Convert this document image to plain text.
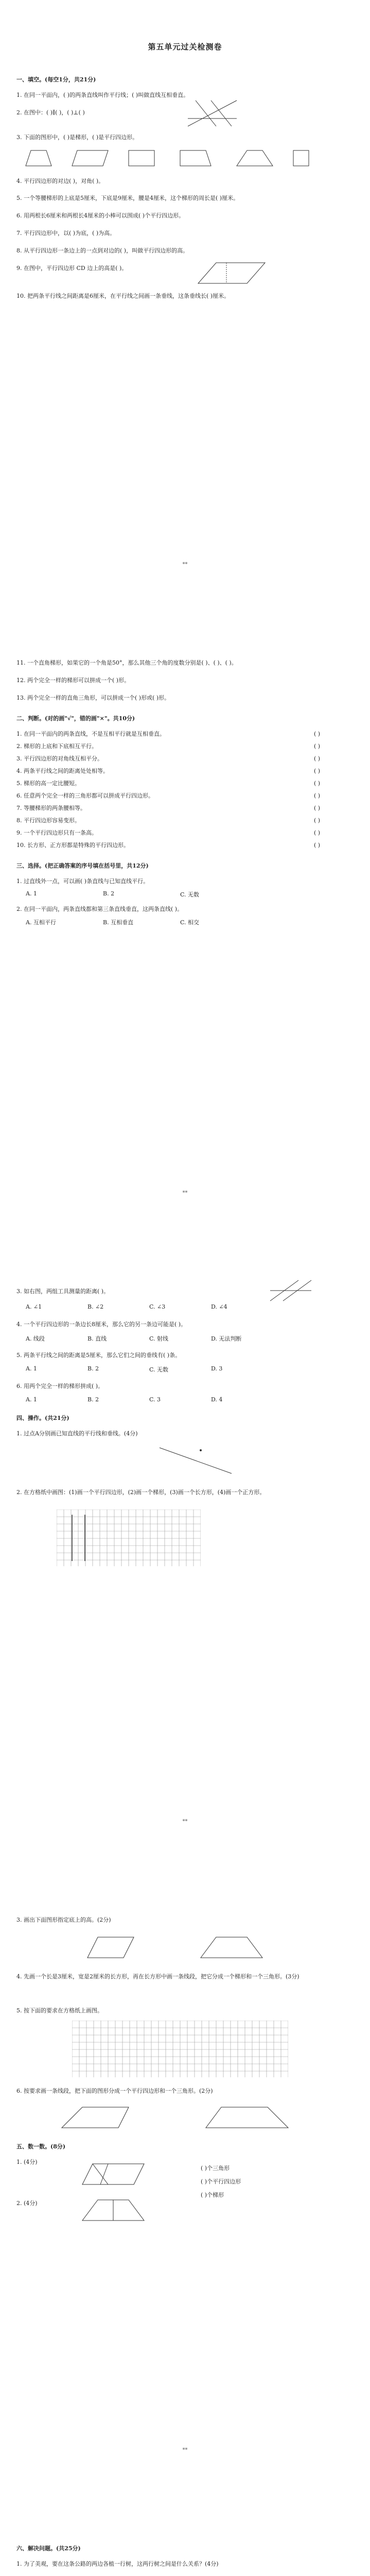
第五单元过关检测卷
一、填空。(每空1分，共21分)
1. 在同一平面内，( )的两条直线叫作平行线；( )叫做直线互相垂直。
2. 在图中：( )∥( )，( )⊥( )
3. 下面的图形中，( )是梯形，( )是平行四边形。
4. 平行四边形的对边( )，对角( )。
5. 一个等腰梯形的上底是5厘米，下底是9厘米，腰是4厘米，这个梯形的周长是( )厘米。
6. 用两根长6厘米和两根长4厘米的小棒可以围成( )个平行四边形。
7. 平行四边形中，以( )为底，( )为高。
8. 从平行四边形一条边上的一点到对边的( )，叫做平行四边形的高。
9. 在图中，平行四边形 CD 边上的高是( )。
10. 把两条平行线之间距离是6厘米，在平行线之间画一条垂线，这条垂线长( )厘米。
**
11. 一个直角梯形，如果它的一个角是50°，那么其他三个角的度数分别是( )、( )、( )。
12. 两个完全一样的梯形可以拼成一个( )形。
13. 两个完全一样的直角三角形，可以拼成一个( )形或( )形。
二、判断。(对的画"√"，错的画"×"。共10分)
1. 在同一平面内的两条直线，不是互相平行就是互相垂直。	( )
2. 梯形的上底和下底相互平行。	( )
3. 平行四边形的对角线互相平分。	( )
4. 两条平行线之间的距离处处相等。	( )
5. 梯形的高一定比腰短。	( )
6. 任意两个完全一样的三角形都可以拼成平行四边形。	( )
7. 等腰梯形的两条腰相等。	( )
8. 平行四边形容易变形。	( )
9. 一个平行四边形只有一条高。	( )
10. 长方形、正方形都是特殊的平行四边形。	( )
三、选择。(把正确答案的序号填在括号里，共12分)
1. 过直线外一点，可以画( )条直线与已知直线平行。
A. 1	B. 2	C. 无数
2. 在同一平面内，两条直线都和第三条直线垂直，这两条直线( )。
A. 互相平行	B. 互相垂直	C. 相交
**
3. 如右图，两组工具测量的距离( )。
A. ∠1	B. ∠2	C. ∠3	D. ∠4
4. 一个平行四边形的一条边长8厘米，那么它的另一条边可能是( )。
A. 线段	B. 直线	C. 射线	D. 无法判断
5. 两条平行线之间的距离是5厘米，那么它们之间的垂线有( )条。
A. 1	B. 2	C. 无数	D. 3
6. 用两个完全一样的梯形拼成( )。
A. 1	B. 2	C. 3	D. 4
四、操作。(共21分)
1. 过点A分别画已知直线的平行线和垂线。(4分)
2. 在方格纸中画图：(1)画一个平行四边形，(2)画一个梯形，(3)画一个长方形，(4)画一个正方形。
**
3. 画出下面图形指定底上的高。(2分)
4. 先画一个长是3厘米，宽是2厘米的长方形，再在长方形中画一条线段，把它分成一个梯形和一个三角形。(3分)
5. 按下面的要求在方格纸上画图。
6. 按要求画一条线段，把下面的图形分成一个平行四边形和一个三角形。(2分)
五、数一数。(8分)
1. (4分)
2. (4分)
( )个三角形
( )个平行四边形
( )个梯形
**
六、解决问题。(共25分)
1. 为了美观，要在这条公路的两边各植一行树，这两行树之间是什么关系？(4分)
